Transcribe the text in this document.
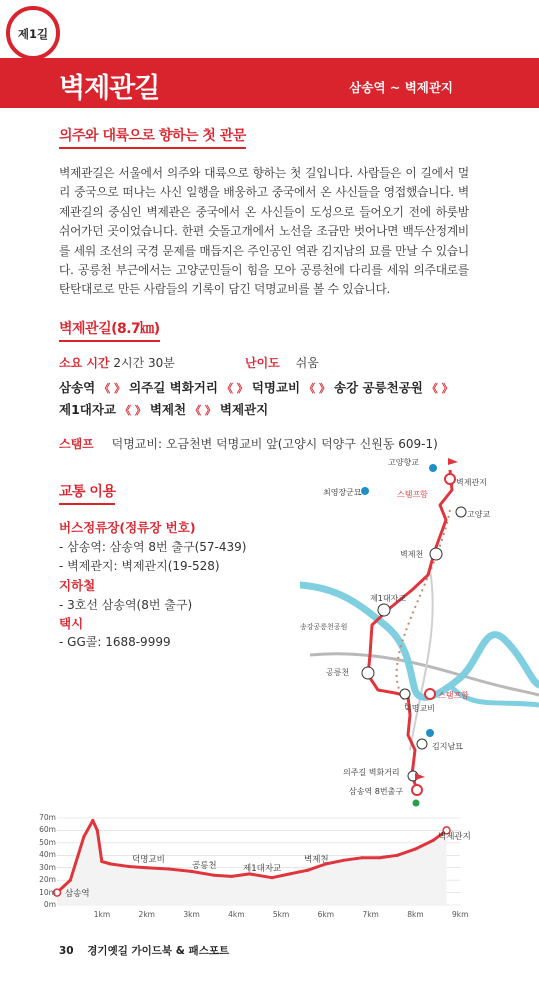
제1길
벽제관길	삼송역 ~ 벽제관지
의주와 대륙으로 향하는 첫 관문
벽제관길은 서울에서 의주와 대륙으로 향하는 첫 길입니다. 사람들은 이 길에서 멀리 중국으로 떠나는 사신 일행을 배웅하고 중국에서 온 사신들을 영접했습니다. 벽제관길의 중심인 벽제관은 중국에서 온 사신들이 도성으로 들어오기 전에 하룻밤 쉬어가던 곳이었습니다. 한편 숫돌고개에서 노선을 조금만 벗어나면 백두산정계비를 세워 조선의 국경 문제를 매듭지은 주인공인 역관 김지남의 묘를 만날 수 있습니다. 공릉천 부근에서는 고양군민들이 힘을 모아 공릉천에 다리를 세워 의주대로를 탄탄대로로 만든 사람들의 기록이 담긴 덕명교비를 볼 수 있습니다.
벽제관길(8.7㎞)
소요 시간 2시간 30분	난이도 쉬움
삼송역 《 》 의주길 벽화거리 《 》 덕명교비 《 》 송강 공릉천공원 《 》
제1대자교 《 》 벽제천 《 》 벽제관지
스탬프 덕명교비: 오금천변 덕명교비 앞(고양시 덕양구 신원동 609-1)
교통 이용
버스정류장(정류장 번호)
- 삼송역: 삼송역 8번 출구(57-439)
- 벽제관지: 벽제관지(19-528)
지하철
- 3호선 삼송역(8번 출구)
택시
- GG콜: 1688-9999
고양향교
벽제관지
최영장군묘	스탬프함
고양교
벽제천
제1대자교
송강공릉천공원
공릉천
스탬프함
덕명교비
김지남묘
의주길 벽화거리
삼송역 8번출구
70m
60m
50m
40m
30m
20m
10m
0m
1km	2km	3km	4km	5km	6km	7km	8km	9km
삼송역
덕명교비
공릉천	제1대자교
벽제천
벽제관지
30 경기옛길 가이드북 & 패스포트
